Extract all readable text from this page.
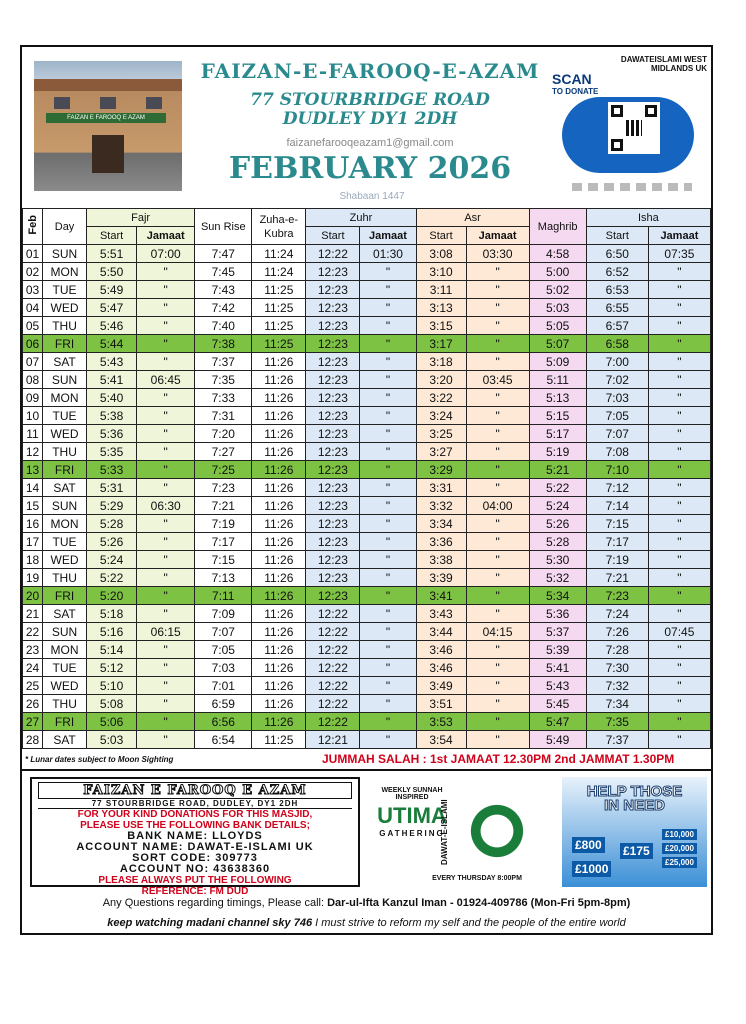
FAIZAN E FAROOQ E AZAM
FAIZAN-E-FAROOQ-E-AZAM
77 STOURBRIDGE ROAD
DUDLEY DY1 2DH
faizanefarooqeazam1@gmail.com
FEBRUARY 2026
Shabaan 1447
DAWATEISLAMI WEST MIDLANDS UK
SCAN
TO DONATE
Feb	Day	Fajr		Sun Rise	Zuha-e-Kubra	Zuhr		Asr		Maghrib	Isha	
		Start	Jamaat			Start	Jamaat	Start	Jamaat		Start	Jamaat
01	SUN	5:51	07:00	7:47	11:24	12:22	01:30	3:08	03:30	4:58	6:50	07:35
02	MON	5:50	"	7:45	11:24	12:23	"	3:10	"	5:00	6:52	"
03	TUE	5:49	"	7:43	11:25	12:23	"	3:11	"	5:02	6:53	"
04	WED	5:47	"	7:42	11:25	12:23	"	3:13	"	5:03	6:55	"
05	THU	5:46	"	7:40	11:25	12:23	"	3:15	"	5:05	6:57	"
06	FRI	5:44	"	7:38	11:25	12:23	"	3:17	"	5:07	6:58	"
07	SAT	5:43	"	7:37	11:26	12:23	"	3:18	"	5:09	7:00	"
08	SUN	5:41	06:45	7:35	11:26	12:23	"	3:20	03:45	5:11	7:02	"
09	MON	5:40	"	7:33	11:26	12:23	"	3:22	"	5:13	7:03	"
10	TUE	5:38	"	7:31	11:26	12:23	"	3:24	"	5:15	7:05	"
11	WED	5:36	"	7:20	11:26	12:23	"	3:25	"	5:17	7:07	"
12	THU	5:35	"	7:27	11:26	12:23	"	3:27	"	5:19	7:08	"
13	FRI	5:33	"	7:25	11:26	12:23	"	3:29	"	5:21	7:10	"
14	SAT	5:31	"	7:23	11:26	12:23	"	3:31	"	5:22	7:12	"
15	SUN	5:29	06:30	7:21	11:26	12:23	"	3:32	04:00	5:24	7:14	"
16	MON	5:28	"	7:19	11:26	12:23	"	3:34	"	5:26	7:15	"
17	TUE	5:26	"	7:17	11:26	12:23	"	3:36	"	5:28	7:17	"
18	WED	5:24	"	7:15	11:26	12:23	"	3:38	"	5:30	7:19	"
19	THU	5:22	"	7:13	11:26	12:23	"	3:39	"	5:32	7:21	"
20	FRI	5:20	"	7:11	11:26	12:23	"	3:41	"	5:34	7:23	"
21	SAT	5:18	"	7:09	11:26	12:22	"	3:43	"	5:36	7:24	"
22	SUN	5:16	06:15	7:07	11:26	12:22	"	3:44	04:15	5:37	7:26	07:45
23	MON	5:14	"	7:05	11:26	12:22	"	3:46	"	5:39	7:28	"
24	TUE	5:12	"	7:03	11:26	12:22	"	3:46	"	5:41	7:30	"
25	WED	5:10	"	7:01	11:26	12:22	"	3:49	"	5:43	7:32	"
26	THU	5:08	"	6:59	11:26	12:22	"	3:51	"	5:45	7:34	"
27	FRI	5:06	"	6:56	11:26	12:22	"	3:53	"	5:47	7:35	"
28	SAT	5:03	"	6:54	11:25	12:21	"	3:54	"	5:49	7:37	"
* Lunar dates subject to Moon Sighting	JUMMAH SALAH : 1st JAMAAT 12.30PM 2nd JAMMAT 1.30PM
FAIZAN E FAROOQ E AZAM
77 STOURBRIDGE ROAD, DUDLEY, DY1 2DH
FOR YOUR KIND DONATIONS FOR THIS MASJID,
PLEASE USE THE FOLLOWING BANK DETAILS;
BANK NAME: LLOYDS
ACCOUNT NAME: DAWAT-E-ISLAMI UK
SORT CODE: 309773
ACCOUNT NO: 43638360
PLEASE ALWAYS PUT THE FOLLOWING
REFERENCE: FM DUD
WEEKLY SUNNAH INSPIRED
UTIMA
GATHERING
DAWAT-E-ISLAMI
EVERY THURSDAY 8:00PM
HELP THOSE
IN NEED
£800 £175
£10,000
£20,000
£1000	£25,000
Any Questions regarding timings, Please call: Dar-ul-Ifta Kanzul Iman - 01924-409786 (Mon-Fri 5pm-8pm)
keep watching madani channel sky 746 I must strive to reform my self and the people of the entire world
